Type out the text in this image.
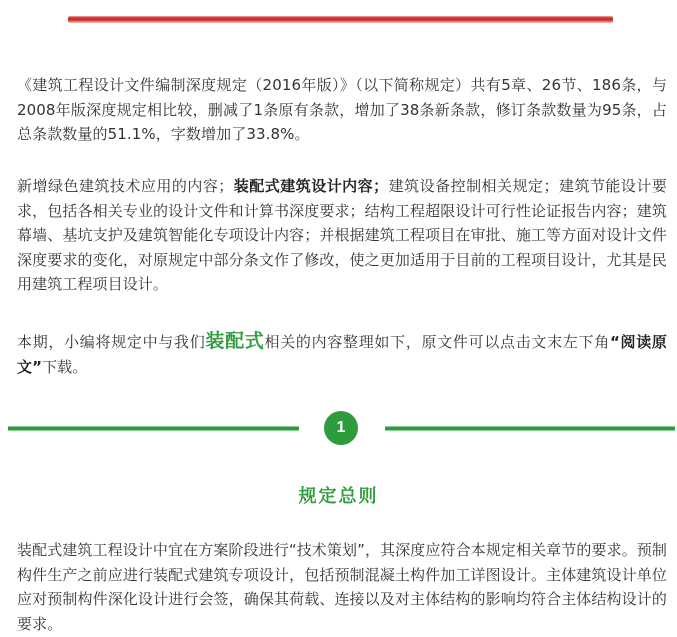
《建筑工程设计文件编制深度规定（2016年版）》（以下简称规定）共有5章、26节、186条，与2008年版深度规定相比较，删减了1条原有条款，增加了38条新条款，修订条款数量为95条，占总条款数量的51.1%，字数增加了33.8%。

新增绿色建筑技术应用的内容；装配式建筑设计内容；建筑设备控制相关规定；建筑节能设计要求，包括各相关专业的设计文件和计算书深度要求；结构工程超限设计可行性论证报告内容；建筑幕墙、基坑支护及建筑智能化专项设计内容；并根据建筑工程项目在审批、施工等方面对设计文件深度要求的变化，对原规定中部分条文作了修改，使之更加适用于目前的工程项目设计，尤其是民用建筑工程项目设计。

本期，小编将规定中与我们装配式相关的内容整理如下，原文件可以点击文末左下角“阅读原文”下载。

1
规定总则

装配式建筑工程设计中宜在方案阶段进行“技术策划”，其深度应符合本规定相关章节的要求。预制构件生产之前应进行装配式建筑专项设计，包括预制混凝土构件加工详图设计。主体建筑设计单位应对预制构件深化设计进行会签，确保其荷载、连接以及对主体结构的影响均符合主体结构设计的要求。
